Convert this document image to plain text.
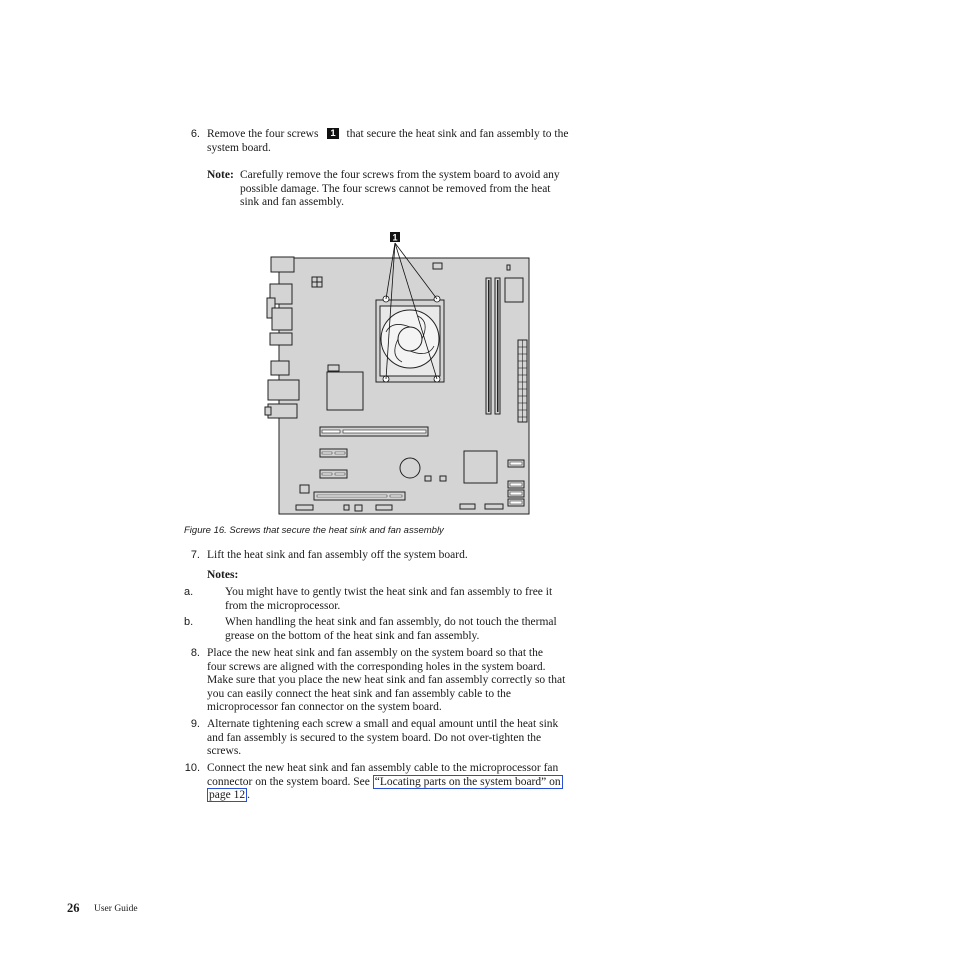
6. Remove the four screws 1 that secure the heat sink and fan assembly to the
system board.
Note: Carefully remove the four screws from the system board to avoid any
possible damage. The four screws cannot be removed from the heat
sink and fan assembly.
1
Figure 16. Screws that secure the heat sink and fan assembly
7. Lift the heat sink and fan assembly off the system board.
Notes:
a.	You might have to gently twist the heat sink and fan assembly to free it
from the microprocessor.
b.	When handling the heat sink and fan assembly, do not touch the thermal
grease on the bottom of the heat sink and fan assembly.
8. Place the new heat sink and fan assembly on the system board so that the
four screws are aligned with the corresponding holes in the system board.
Make sure that you place the new heat sink and fan assembly correctly so that
you can easily connect the heat sink and fan assembly cable to the
microprocessor fan connector on the system board.
9. Alternate tightening each screw a small and equal amount until the heat sink
and fan assembly is secured to the system board. Do not over-tighten the
screws.
10. Connect the new heat sink and fan assembly cable to the microprocessor fan
connector on the system board. See “Locating parts on the system board” on
page 12 .
26 User Guide
